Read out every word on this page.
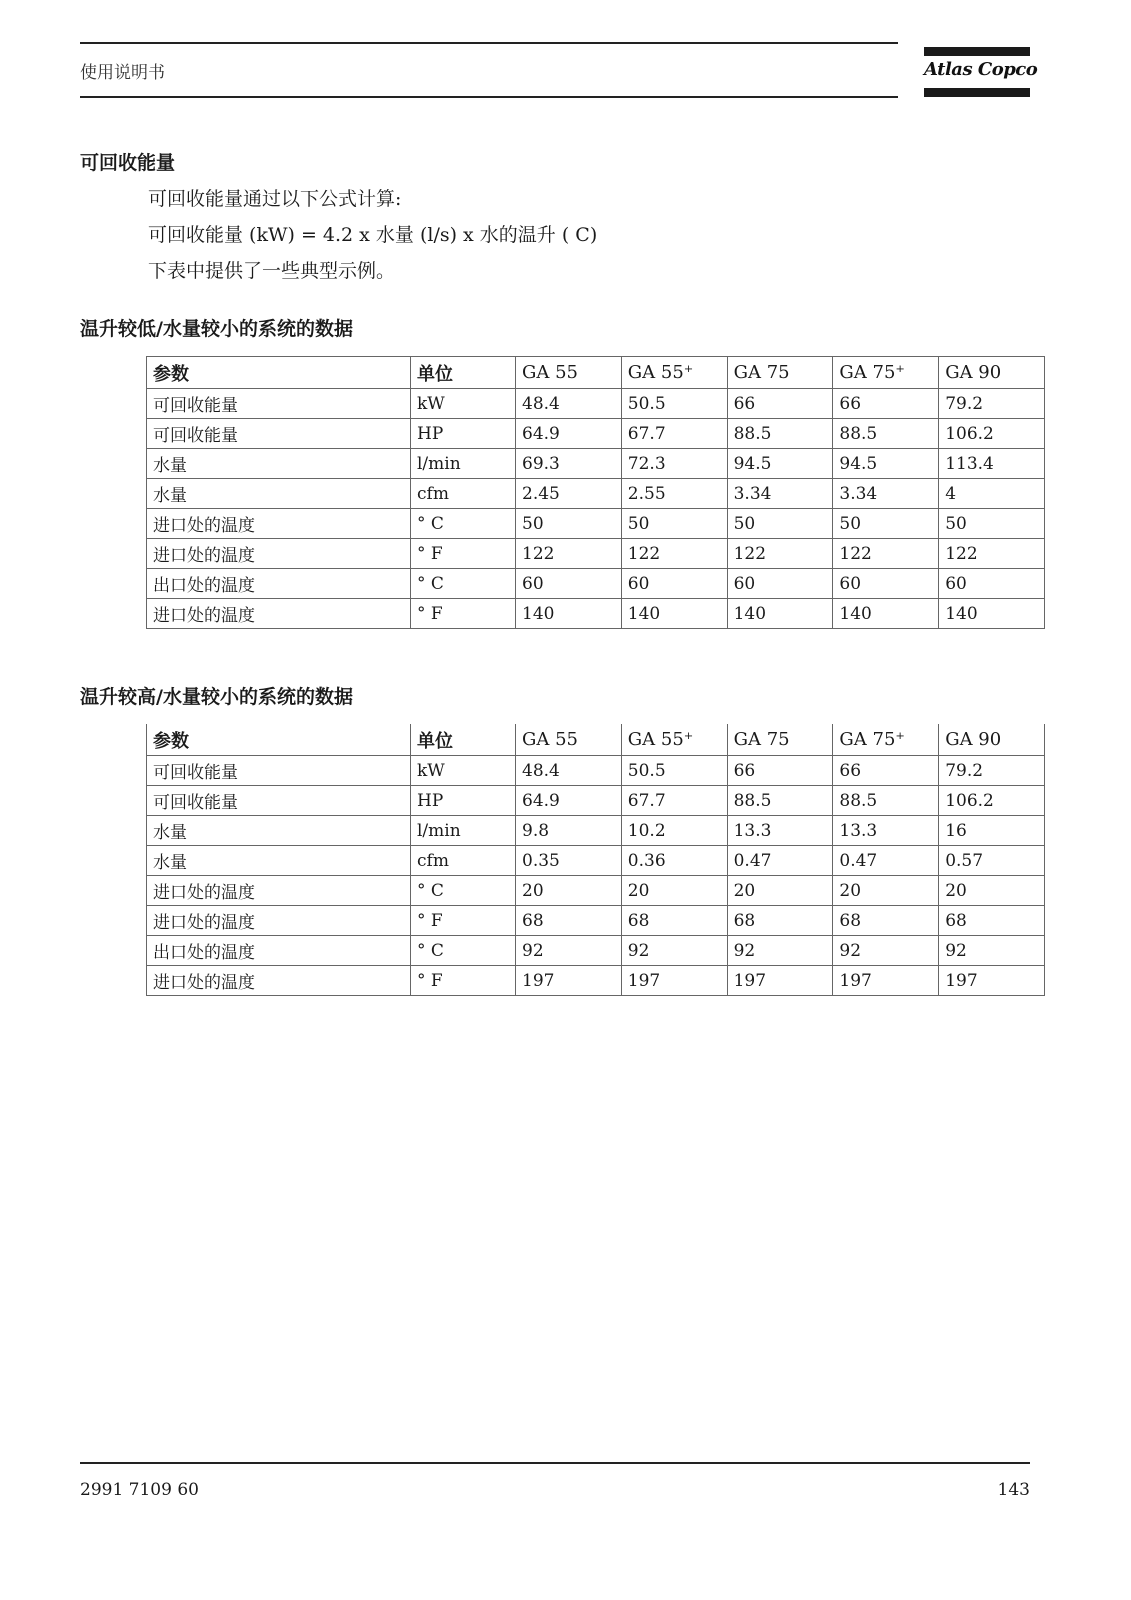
使用说明书	Atlas Copco
可回收能量
可回收能量通过以下公式计算:
可回收能量 (kW) = 4.2 x 水量 (l/s) x 水的温升 ( C)
下表中提供了一些典型示例。
温升较低/水量较小的系统的数据
参数	单位	GA 55	GA 55⁺	GA 75	GA 75⁺	GA 90
可回收能量	kW	48.4	50.5	66	66	79.2
可回收能量	HP	64.9	67.7	88.5	88.5	106.2
水量	l/min	69.3	72.3	94.5	94.5	113.4
水量	cfm	2.45	2.55	3.34	3.34	4
进口处的温度	° C	50	50	50	50	50
进口处的温度	° F	122	122	122	122	122
出口处的温度	° C	60	60	60	60	60
进口处的温度	° F	140	140	140	140	140
温升较高/水量较小的系统的数据
参数	单位	GA 55	GA 55⁺	GA 75	GA 75⁺	GA 90
可回收能量	kW	48.4	50.5	66	66	79.2
可回收能量	HP	64.9	67.7	88.5	88.5	106.2
水量	l/min	9.8	10.2	13.3	13.3	16
水量	cfm	0.35	0.36	0.47	0.47	0.57
进口处的温度	° C	20	20	20	20	20
进口处的温度	° F	68	68	68	68	68
出口处的温度	° C	92	92	92	92	92
进口处的温度	° F	197	197	197	197	197
2991 7109 60	143
